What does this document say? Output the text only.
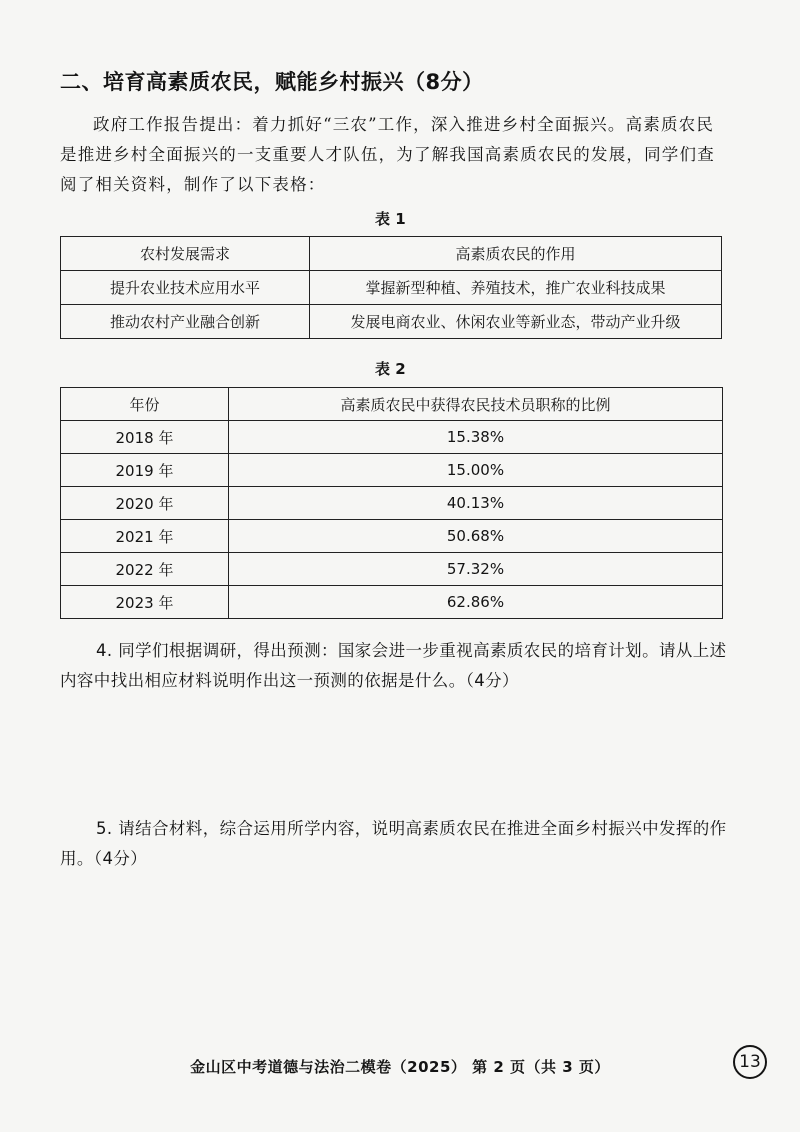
二、培育高素质农民，赋能乡村振兴（8分）
政府工作报告提出：着力抓好“三农”工作，深入推进乡村全面振兴。高素质农民是推进乡村全面振兴的一支重要人才队伍，为了解我国高素质农民的发展，同学们查阅了相关资料，制作了以下表格：
表 1
农村发展需求	高素质农民的作用
提升农业技术应用水平	掌握新型种植、养殖技术，推广农业科技成果
推动农村产业融合创新	发展电商农业、休闲农业等新业态，带动产业升级
表 2
年份	高素质农民中获得农民技术员职称的比例
2018 年	15.38%
2019 年	15.00%
2020 年	40.13%
2021 年	50.68%
2022 年	57.32%
2023 年	62.86%
4. 同学们根据调研，得出预测：国家会进一步重视高素质农民的培育计划。请从上述内容中找出相应材料说明作出这一预测的依据是什么。（4分）
5. 请结合材料，综合运用所学内容，说明高素质农民在推进全面乡村振兴中发挥的作用。（4分）
金山区中考道德与法治二模卷（2025） 第 2 页（共 3 页）	13
